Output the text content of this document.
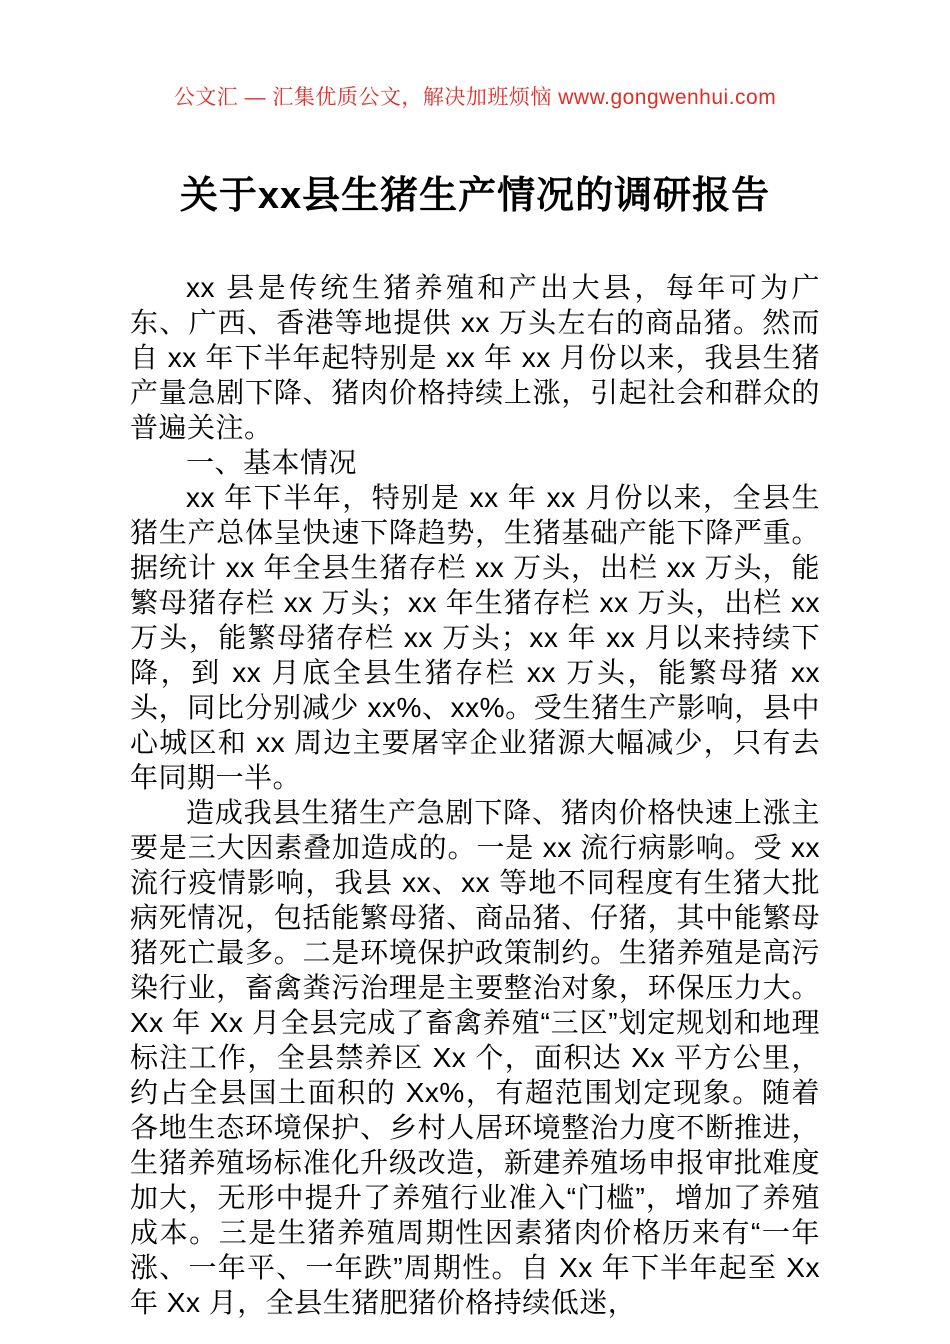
公文汇 — 汇集优质公文，解决加班烦恼 www.gongwenhui.com
关于xx县生猪生产情况的调研报告

xx 县是传统生猪养殖和产出大县，每年可为广东、广西、香港等地提供 xx 万头左右的商品猪。然而自 xx 年下半年起特别是 xx 年 xx 月份以来，我县生猪产量急剧下降、猪肉价格持续上涨，引起社会和群众的普遍关注。

一、基本情况

xx 年下半年，特别是 xx 年 xx 月份以来，全县生猪生产总体呈快速下降趋势，生猪基础产能下降严重。据统计 xx 年全县生猪存栏 xx 万头，出栏 xx 万头，能繁母猪存栏 xx 万头；xx 年生猪存栏 xx 万头，出栏 xx 万头，能繁母猪存栏 xx 万头；xx 年 xx 月以来持续下降，到 xx 月底全县生猪存栏 xx 万头，能繁母猪 xx 头，同比分别减少 xx%、xx%。受生猪生产影响，县中心城区和 xx 周边主要屠宰企业猪源大幅减少，只有去年同期一半。

造成我县生猪生产急剧下降、猪肉价格快速上涨主要是三大因素叠加造成的。一是 xx 流行病影响。受 xx 流行疫情影响，我县 xx、xx 等地不同程度有生猪大批病死情况，包括能繁母猪、商品猪、仔猪，其中能繁母猪死亡最多。二是环境保护政策制约。生猪养殖是高污染行业，畜禽粪污治理是主要整治对象，环保压力大。Xx 年 Xx 月全县完成了畜禽养殖“三区”划定规划和地理标注工作，全县禁养区 Xx 个，面积达 Xx 平方公里，约占全县国土面积的 Xx%，有超范围划定现象。随着各地生态环境保护、乡村人居环境整治力度不断推进，生猪养殖场标准化升级改造，新建养殖场申报审批难度加大，无形中提升了养殖行业准入“门槛”，增加了养殖成本。三是生猪养殖周期性因素猪肉价格历来有“一年涨、一年平、一年跌”周期性。自 Xx 年下半年起至 Xx 年 Xx 月，全县生猪肥猪价格持续低迷，
